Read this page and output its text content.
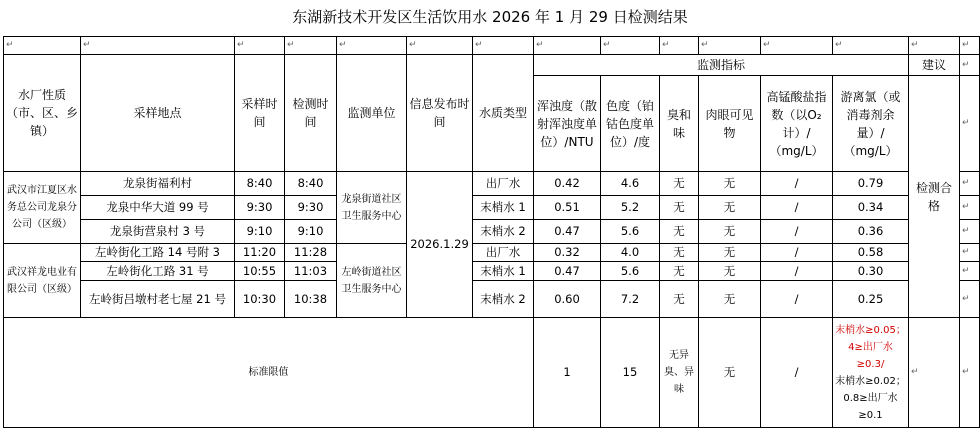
东湖新技术开发区生活饮用水 2026 年 1 月 29 日检测结果
↵	↵	↵	↵	↵	↵	↵	↵	↵	↵	↵	↵	↵	↵	↵
水厂性质（市、区、乡镇）	采样地点	采样时间	检测时间	监测单位	信息发布时间	水质类型	监测指标						建议	↵
							浑浊度（散射浑浊度单位）/NTU	色度（铂钴色度单位）/度	臭和味	肉眼可见物	高锰酸盐指数（以O₂计）/（mg/L）	游离氯（或消毒剂余量）/（mg/L）	检测合格	↵
武汉市江夏区水务总公司龙泉分公司（区级）	龙泉街福利村	8:40	8:40	龙泉街道社区卫生服务中心	2026.1.29	出厂水	0.42	4.6	无	无	/	0.79		↵
	龙泉中华大道 99 号	9:30	9:30			末梢水 1	0.51	5.2	无	无	/	0.34		↵
	龙泉街营泉村 3 号	9:10	9:10			末梢水 2	0.47	5.6	无	无	/	0.36		↵
武汉祥龙电业有限公司（区级）	左岭街化工路 14 号附 3	11:20	11:28	左岭街道社区卫生服务中心		出厂水	0.32	4.0	无	无	/	0.58		↵
	左岭街化工路 31 号	10:55	11:03			末梢水 1	0.47	5.6	无	无	/	0.30		↵
	左岭街吕墩村老七屋 21 号	10:30	10:38			末梢水 2	0.60	7.2	无	无	/	0.25		↵
标准限值							1	15	无异臭、异味	无	/	末梢水≥0.05；4≥出厂水≥0.3/
末梢水≥0.02；0.8≥出厂水≥0.1	↵	↵
